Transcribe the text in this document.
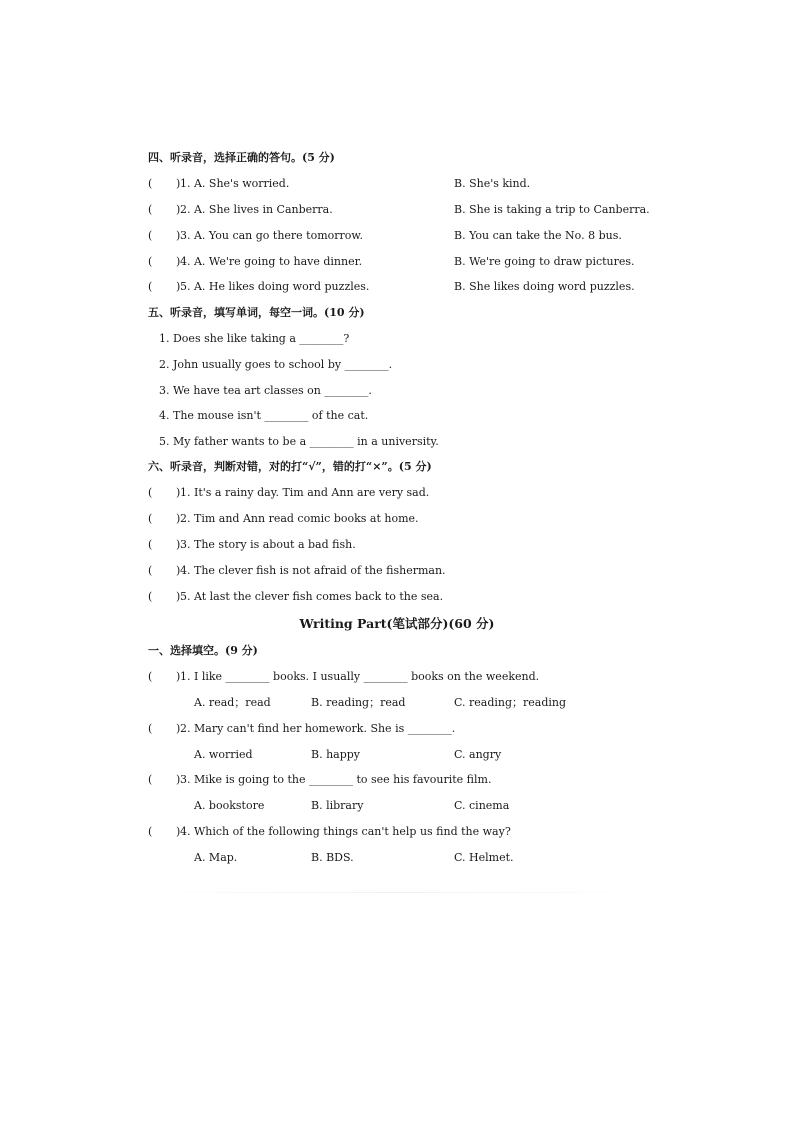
四、听录音，选择正确的答句。(5 分)
( ) 1. A. She's worried.	B. She's kind.
( ) 2. A. She lives in Canberra.	B. She is taking a trip to Canberra.
( ) 3. A. You can go there tomorrow.	B. You can take the No. 8 bus.
( ) 4. A. We're going to have dinner.	B. We're going to draw pictures.
( ) 5. A. He likes doing word puzzles.	B. She likes doing word puzzles.
五、听录音，填写单词，每空一词。(10 分)
1. Does she like taking a ________?
2. John usually goes to school by ________.
3. We have tea art classes on ________.
4. The mouse isn't ________ of the cat.
5. My father wants to be a ________ in a university.
六、听录音，判断对错，对的打“√”，错的打“×”。(5 分)
( ) 1. It's a rainy day. Tim and Ann are very sad.
( ) 2. Tim and Ann read comic books at home.
( ) 3. The story is about a bad fish.
( ) 4. The clever fish is not afraid of the fisherman.
( ) 5. At last the clever fish comes back to the sea.
Writing Part(笔试部分)(60 分)
一、选择填空。(9 分)
( ) 1. I like ________ books. I usually ________ books on the weekend.
A. read；read	B. reading；read	C. reading；reading
( ) 2. Mary can't find her homework. She is ________.
A. worried	B. happy	C. angry
( ) 3. Mike is going to the ________ to see his favourite film.
A. bookstore	B. library	C. cinema
( ) 4. Which of the following things can't help us find the way?
A. Map.	B. BDS.	C. Helmet.
